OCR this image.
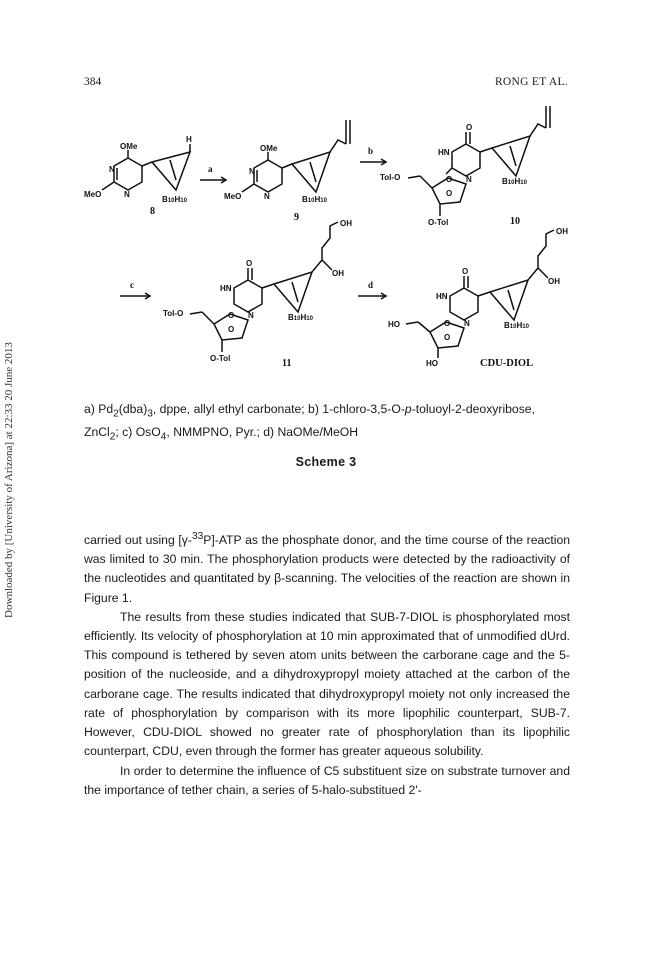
384	RONG ET AL.
Downloaded by [University of Arizona] at 22:33 20 June 2013
OMe
N
N
MeO
H
B10H10
8
a
OMe
N
N
MeO	B10H10
9
b
O
HN
O N
O
Tol-O
O-Tol
B10H10
10
c
O
HN
O N
O
OH
OH
Tol-O
O-Tol
B10H10
11
d
O
HN
O N
O
OH
OH
HO
HO
B10H10
CDU-DIOL
a) $Pd_2(dba)_3$, dppe, allyl ethyl carbonate; b) 1-chloro-3,5-O-p-toluoyl-2-deoxyribose, ZnCl$_2$; c) OsO$_4$, NMMPNO, Pyr.; d) NaOMe/MeOH
Scheme 3

carried out using [γ-$^{33}$P]-ATP as the phosphate donor, and the time course of the reaction was limited to 30 min. The phosphorylation products were detected by the radioactivity of the nucleotides and quantitated by β-scanning. The velocities of the reaction are shown in Figure 1.

The results from these studies indicated that SUB-7-DIOL is phosphorylated most efficiently. Its velocity of phosphorylation at 10 min approximated that of unmodified dUrd. This compound is tethered by seven atom units between the carborane cage and the 5-position of the nucleoside, and a dihydroxypropyl moiety attached at the carbon of the carborane cage. The results indicated that dihydroxypropyl moiety not only increased the rate of phosphorylation by comparison with its more lipophilic counterpart, SUB-7. However, CDU-DIOL showed no greater rate of phosphorylation than its lipophilic counterpart, CDU, even through the former has greater aqueous solubility.

In order to determine the influence of C5 substituent size on substrate turnover and the importance of tether chain, a series of 5-halo-substitued 2'-
